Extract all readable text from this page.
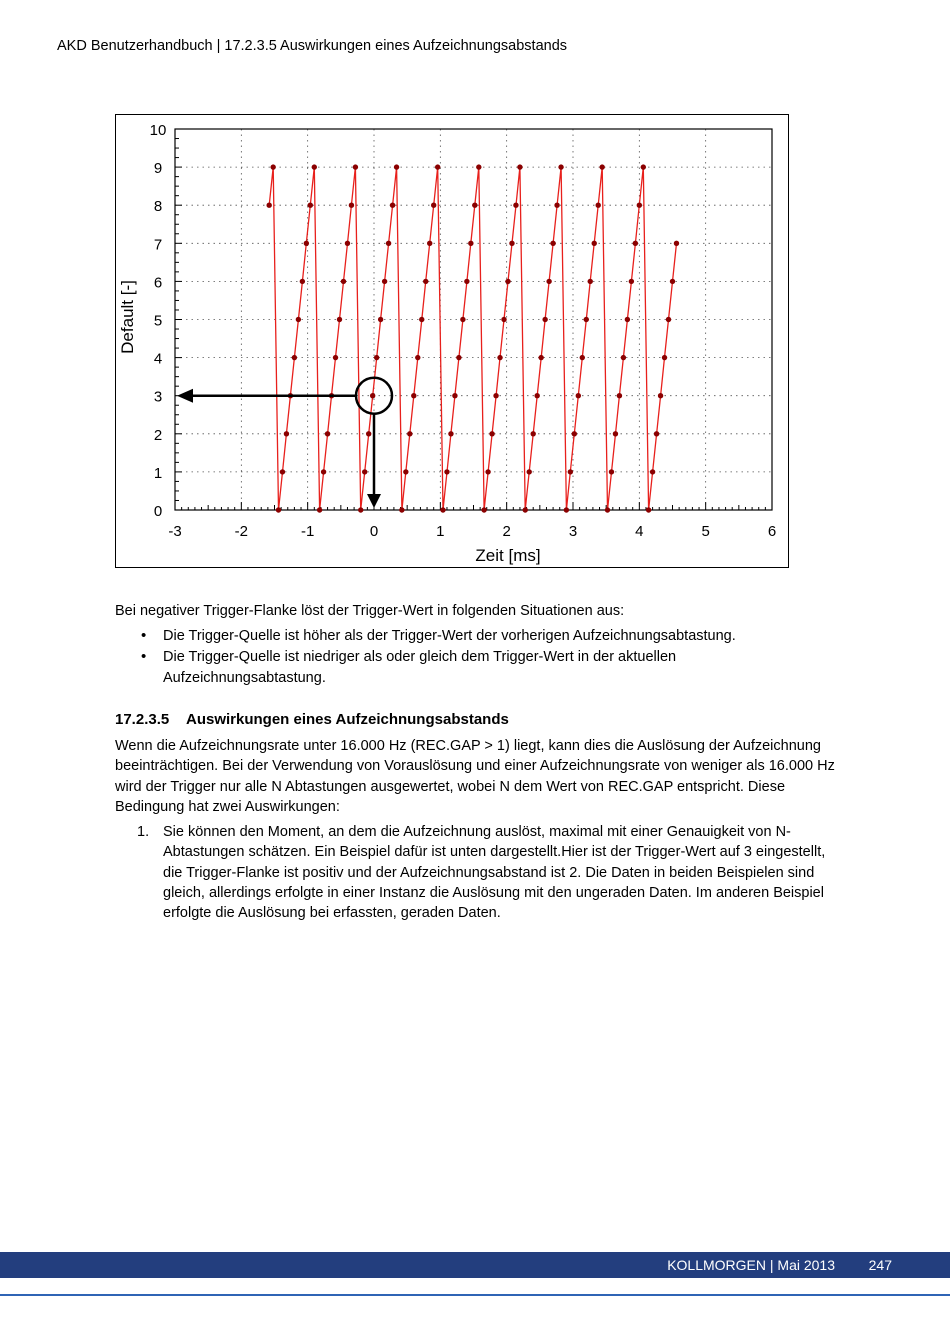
AKD Benutzerhandbuch | 17.2.3.5 Auswirkungen eines Aufzeichnungsabstands
0
1
2
3
4
5
6
7
8
9
10
-3	-2	-1	0	1	2	3	4	5	6
Zeit [ms]
Default [-]
Bei negativer Trigger-Flanke löst der Trigger-Wert in folgenden Situationen aus:
• Die Trigger-Quelle ist höher als der Trigger-Wert der vorherigen Aufzeichnungsabtastung.
• Die Trigger-Quelle ist niedriger als oder gleich dem Trigger-Wert in der aktuellen Aufzeichnungsabtastung.
17.2.3.5 Auswirkungen eines Aufzeichnungsabstands
Wenn die Aufzeichnungsrate unter 16.000 Hz (REC.GAP > 1) liegt, kann dies die Auslösung der Aufzeichnung beeinträchtigen. Bei der Verwendung von Vorauslösung und einer Aufzeichnungsrate von weniger als 16.000 Hz wird der Trigger nur alle N Abtastungen ausgewertet, wobei N dem Wert von REC.GAP entspricht. Diese Bedingung hat zwei Auswirkungen:
1. Sie können den Moment, an dem die Aufzeichnung auslöst, maximal mit einer Genauigkeit von N-Abtastungen schätzen. Ein Beispiel dafür ist unten dargestellt.Hier ist der Trigger-Wert auf 3 eingestellt, die Trigger-Flanke ist positiv und der Aufzeichnungsabstand ist 2. Die Daten in beiden Beispielen sind gleich, allerdings erfolgte in einer Instanz die Auslösung mit den ungeraden Daten. Im anderen Beispiel erfolgte die Auslösung bei erfassten, geraden Daten.
KOLLMORGEN | Mai 2013 247
